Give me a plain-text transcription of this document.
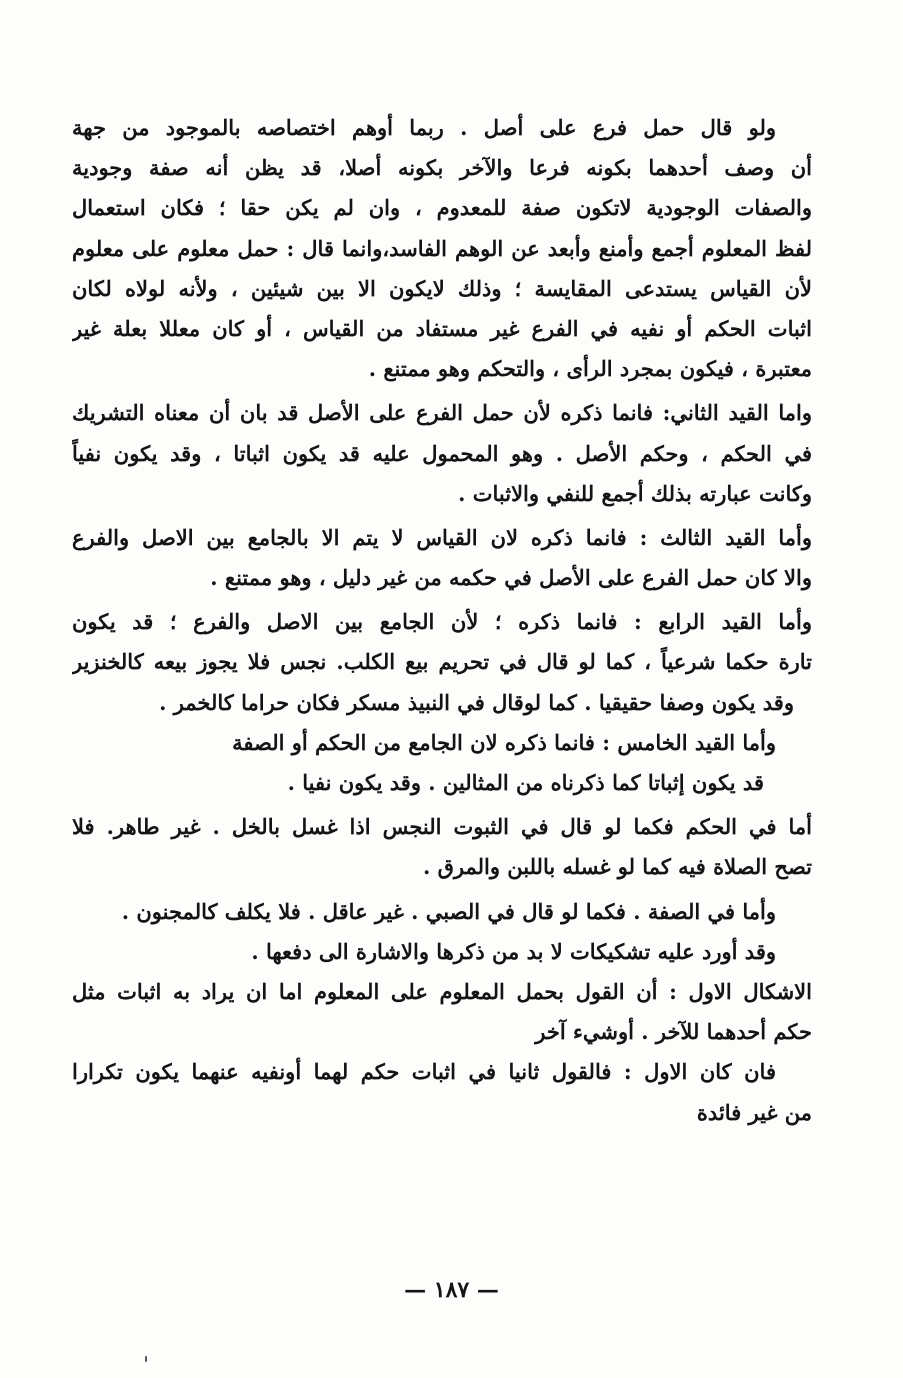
ولو قال حمل فرع على أصل . ربما أوهم اختصاصه بالموجود من جهة
أن وصف أحدهما بكونه فرعا والآخر بكونه أصلا، قد يظن أنه صفة وجودية
والصفات الوجودية لاتكون صفة للمعدوم ، وان لم يكن حقا ؛ فكان استعمال
لفظ المعلوم أجمع وأمنع وأبعد عن الوهم الفاسد،وانما قال : حمل معلوم على معلوم
لأن القياس يستدعى المقايسة ؛ وذلك لايكون الا بين شيئين ، ولأنه لولاه لكان
اثبات الحكم أو نفيه في الفرع غير مستفاد من القياس ، أو كان معللا بعلة غير
معتبرة ، فيكون بمجرد الرأى ، والتحكم وهو ممتنع .
واما القيد الثاني: فانما ذكره لأن حمل الفرع على الأصل قد بان أن معناه التشريك
في الحكم ، وحكم الأصل . وهو المحمول عليه قد يكون اثباتا ، وقد يكون نفياً
وكانت عبارته بذلك أجمع للنفي والاثبات .
وأما القيد الثالث : فانما ذكره لان القياس لا يتم الا بالجامع بين الاصل والفرع
والا كان حمل الفرع على الأصل في حكمه من غير دليل ، وهو ممتنع .
وأما القيد الرابع : فانما ذكره ؛ لأن الجامع بين الاصل والفرع ؛ قد يكون
تارة حكما شرعياً ، كما لو قال في تحريم بيع الكلب. نجس فلا يجوز بيعه كالخنزير
وقد يكون وصفا حقيقيا . كما لوقال في النبيذ مسكر فكان حراما كالخمر .
وأما القيد الخامس : فانما ذكره لان الجامع من الحكم أو الصفة
قد يكون إثباتا كما ذكرناه من المثالين . وقد يكون نفيا .
أما في الحكم فكما لو قال في الثبوت النجس اذا غسل بالخل . غير طاهر. فلا
تصح الصلاة فيه كما لو غسله باللبن والمرق .
وأما في الصفة . فكما لو قال في الصبي . غير عاقل . فلا يكلف كالمجنون .
وقد أورد عليه تشكيكات لا بد من ذكرها والاشارة الى دفعها .
الاشكال الاول : أن القول بحمل المعلوم على المعلوم اما ان يراد به اثبات مثل
حكم أحدهما للآخر . أوشيء آخر
فان كان الاول : فالقول ثانيا في اثبات حكم لهما أونفيه عنهما يكون تكرارا
من غير فائدة
— ١٨٧ —
